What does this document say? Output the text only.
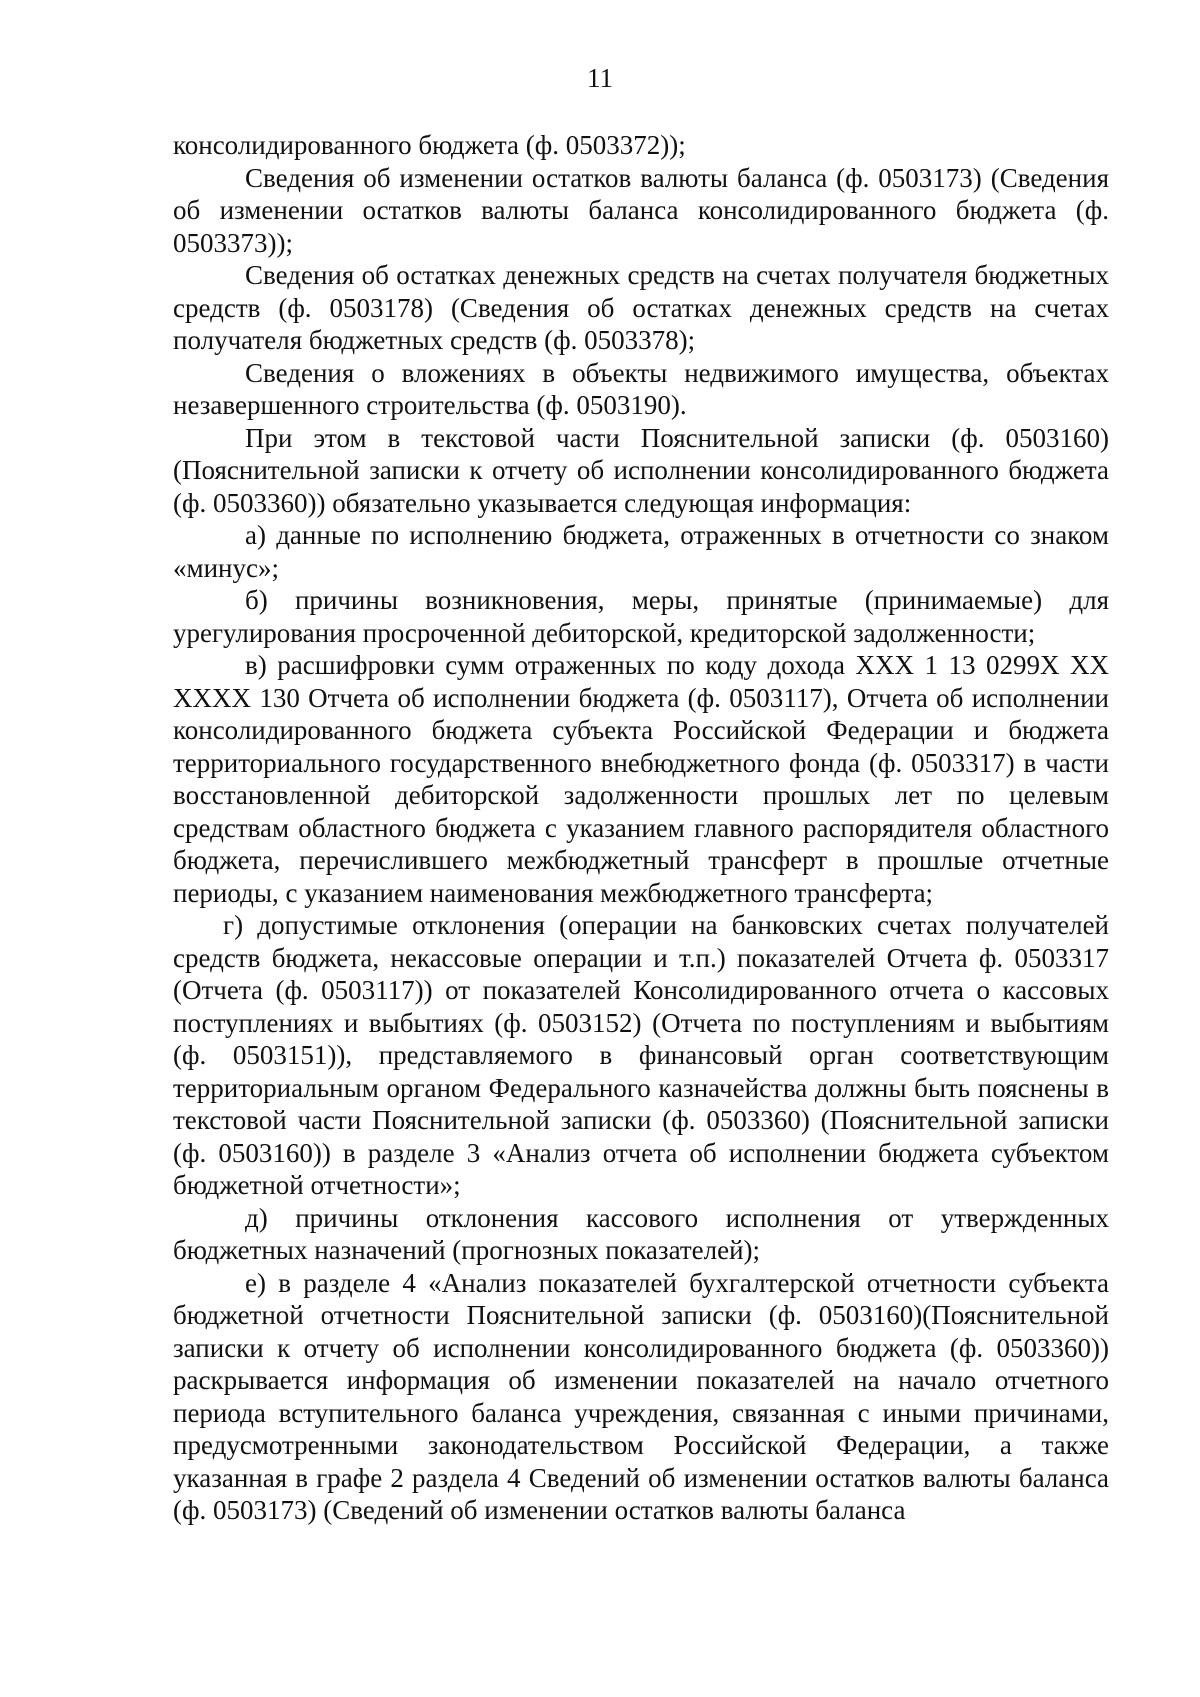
11

консолидированного бюджета (ф. 0503372));

Сведения об изменении остатков валюты баланса (ф. 0503173) (Сведения об изменении остатков валюты баланса консолидированного бюджета (ф. 0503373));

Сведения об остатках денежных средств на счетах получателя бюджетных средств (ф. 0503178) (Сведения об остатках денежных средств на счетах получателя бюджетных средств (ф. 0503378);

Сведения о вложениях в объекты недвижимого имущества, объектах незавершенного строительства (ф. 0503190).

При этом в текстовой части Пояснительной записки (ф. 0503160) (Пояснительной записки к отчету об исполнении консолидированного бюджета (ф. 0503360)) обязательно указывается следующая информация:

а) данные по исполнению бюджета, отраженных в отчетности со знаком «минус»;

б) причины возникновения, меры, принятые (принимаемые) для урегулирования просроченной дебиторской, кредиторской задолженности;

в) расшифровки сумм отраженных по коду дохода XXX 1 13 0299X XX XXXX 130 Отчета об исполнении бюджета (ф. 0503117), Отчета об исполнении консолидированного бюджета субъекта Российской Федерации и бюджета территориального государственного внебюджетного фонда (ф. 0503317) в части восстановленной дебиторской задолженности прошлых лет по целевым средствам областного бюджета с указанием главного распорядителя областного бюджета, перечислившего межбюджетный трансферт в прошлые отчетные периоды, с указанием наименования межбюджетного трансферта;

г) допустимые отклонения (операции на банковских счетах получателей средств бюджета, некассовые операции и т.п.) показателей Отчета ф. 0503317 (Отчета (ф. 0503117)) от показателей Консолидированного отчета о кассовых поступлениях и выбытиях (ф. 0503152) (Отчета по поступлениям и выбытиям (ф. 0503151)), представляемого в финансовый орган соответствующим территориальным органом Федерального казначейства должны быть пояснены в текстовой части Пояснительной записки (ф. 0503360) (Пояснительной записки (ф. 0503160)) в разделе 3 «Анализ отчета об исполнении бюджета субъектом бюджетной отчетности»;

д) причины отклонения кассового исполнения от утвержденных бюджетных назначений (прогнозных показателей);

е) в разделе 4 «Анализ показателей бухгалтерской отчетности субъекта бюджетной отчетности Пояснительной записки (ф. 0503160)(Пояснительной записки к отчету об исполнении консолидированного бюджета (ф. 0503360)) раскрывается информация об изменении показателей на начало отчетного периода вступительного баланса учреждения, связанная с иными причинами, предусмотренными законодательством Российской Федерации, а также указанная в графе 2 раздела 4 Сведений об изменении остатков валюты баланса (ф. 0503173) (Сведений об изменении остатков валюты баланса
